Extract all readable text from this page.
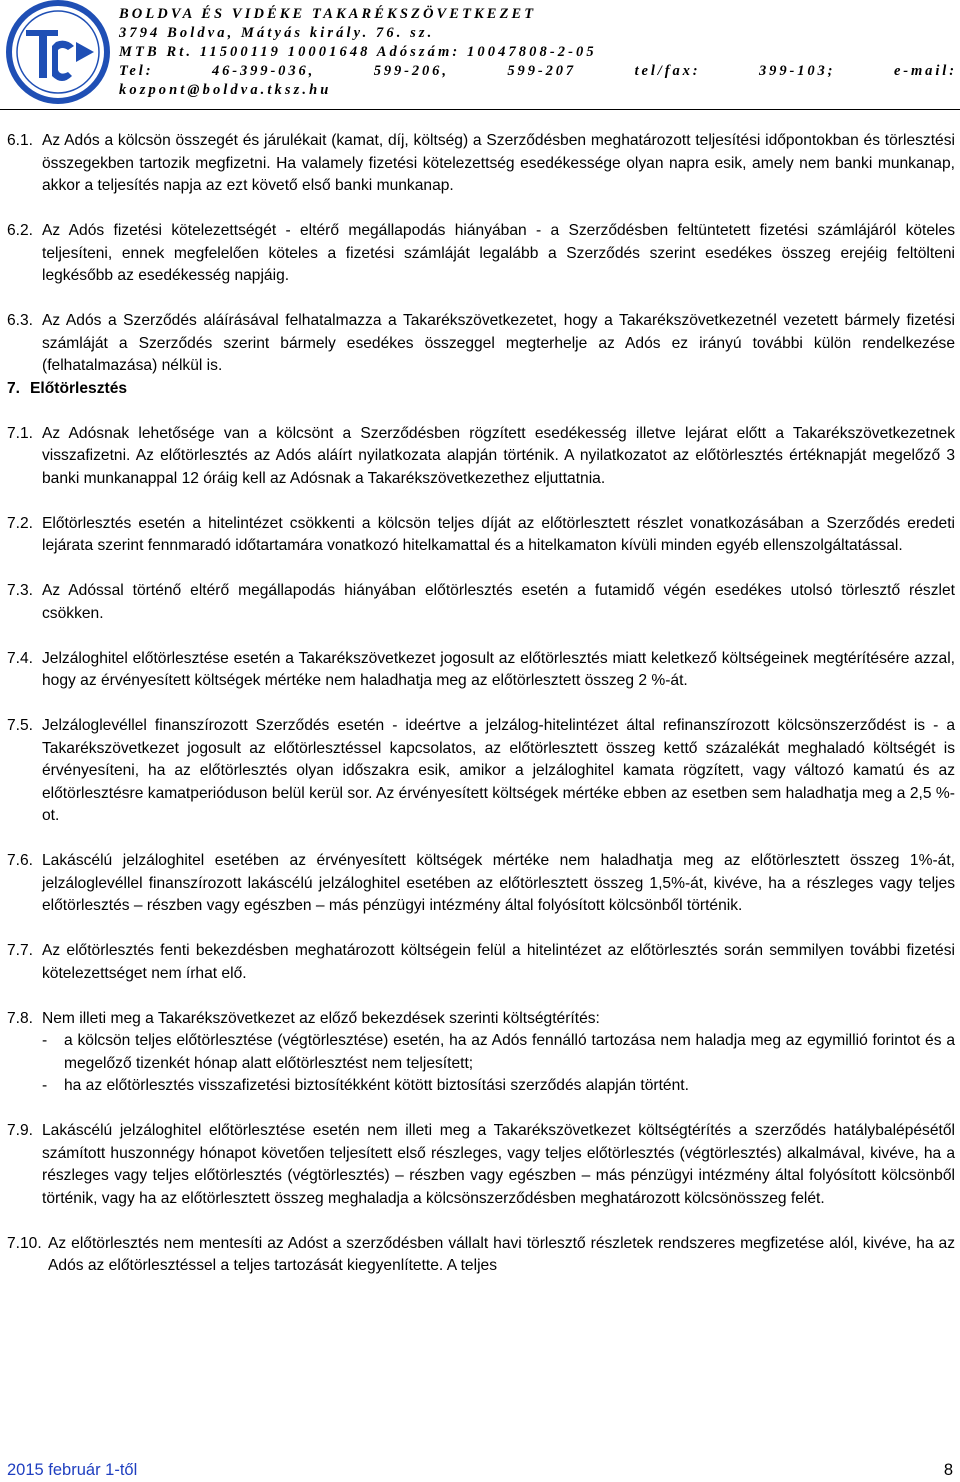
BOLDVA ÉS VIDÉKE TAKARÉKSZÖVETKEZET
3794 Boldva, Mátyás király. 76. sz.
MTB Rt. 11500119 10001648 Adószám: 10047808-2-05
Tel:	46-399-036,	599-206,	599-207	tel/fax:	399-103;	e-mail:
kozpont@boldva.tksz.hu
6.1. Az Adós a kölcsön összegét és járulékait (kamat, díj, költség) a Szerződésben meghatározott teljesítési időpontokban és törlesztési összegekben tartozik megfizetni. Ha valamely fizetési kötelezettség esedékessége olyan napra esik, amely nem banki munkanap, akkor a teljesítés napja az ezt követő első banki munkanap.
6.2. Az Adós fizetési kötelezettségét - eltérő megállapodás hiányában - a Szerződésben feltüntetett fizetési számlájáról köteles teljesíteni, ennek megfelelően köteles a fizetési számláját legalább a Szerződés szerint esedékes összeg erejéig feltölteni legkésőbb az esedékesség napjáig.
6.3. Az Adós a Szerződés aláírásával felhatalmazza a Takarékszövetkezetet, hogy a Takarékszövetkezetnél vezetett bármely fizetési számláját a Szerződés szerint bármely esedékes összeggel megterhelje az Adós ez irányú további külön rendelkezése (felhatalmazása) nélkül is.
7. Előtörlesztés
7.1. Az Adósnak lehetősége van a kölcsönt a Szerződésben rögzített esedékesség illetve lejárat előtt a Takarékszövetkezetnek visszafizetni. Az előtörlesztés az Adós aláírt nyilatkozata alapján történik. A nyilatkozatot az előtörlesztés értéknapját megelőző 3 banki munkanappal 12 óráig kell az Adósnak a Takarékszövetkezethez eljuttatnia.
7.2. Előtörlesztés esetén a hitelintézet csökkenti a kölcsön teljes díját az előtörlesztett részlet vonatkozásában a Szerződés eredeti lejárata szerint fennmaradó időtartamára vonatkozó hitelkamattal és a hitelkamaton kívüli minden egyéb ellenszolgáltatással.
7.3. Az Adóssal történő eltérő megállapodás hiányában előtörlesztés esetén a futamidő végén esedékes utolsó törlesztő részlet csökken.
7.4. Jelzáloghitel előtörlesztése esetén a Takarékszövetkezet jogosult az előtörlesztés miatt keletkező költségeinek megtérítésére azzal, hogy az érvényesített költségek mértéke nem haladhatja meg az előtörlesztett összeg 2 %-át.
7.5. Jelzáloglevéllel finanszírozott Szerződés esetén - ideértve a jelzálog-hitelintézet által refinanszírozott kölcsönszerződést is - a Takarékszövetkezet jogosult az előtörlesztéssel kapcsolatos, az előtörlesztett összeg kettő százalékát meghaladó költségét is érvényesíteni, ha az előtörlesztés olyan időszakra esik, amikor a jelzáloghitel kamata rögzített, vagy változó kamatú és az előtörlesztésre kamatperióduson belül kerül sor. Az érvényesített költségek mértéke ebben az esetben sem haladhatja meg a 2,5 %-ot.
7.6. Lakáscélú jelzáloghitel esetében az érvényesített költségek mértéke nem haladhatja meg az előtörlesztett összeg 1%-át, jelzáloglevéllel finanszírozott lakáscélú jelzáloghitel esetében az előtörlesztett összeg 1,5%-át, kivéve, ha a részleges vagy teljes előtörlesztés – részben vagy egészben – más pénzügyi intézmény által folyósított kölcsönből történik.
7.7. Az előtörlesztés fenti bekezdésben meghatározott költségein felül a hitelintézet az előtörlesztés során semmilyen további fizetési kötelezettséget nem írhat elő.
7.8. Nem illeti meg a Takarékszövetkezet az előző bekezdések szerinti költségtérítés:
-	a kölcsön teljes előtörlesztése (végtörlesztése) esetén, ha az Adós fennálló tartozása nem haladja meg az egymillió forintot és a megelőző tizenkét hónap alatt előtörlesztést nem teljesített;
-	ha az előtörlesztés visszafizetési biztosítékként kötött biztosítási szerződés alapján történt.
7.9. Lakáscélú jelzáloghitel előtörlesztése esetén nem illeti meg a Takarékszövetkezet költségtérítés a szerződés hatálybalépésétől számított huszonnégy hónapot követően teljesített első részleges, vagy teljes előtörlesztés (végtörlesztés) alkalmával, kivéve, ha a részleges vagy teljes előtörlesztés (végtörlesztés) – részben vagy egészben – más pénzügyi intézmény által folyósított kölcsönből történik, vagy ha az előtörlesztett összeg meghaladja a kölcsönszerződésben meghatározott kölcsönösszeg felét.
7.10. Az előtörlesztés nem mentesíti az Adóst a szerződésben vállalt havi törlesztő részletek rendszeres megfizetése alól, kivéve, ha az Adós az előtörlesztéssel a teljes tartozását kiegyenlítette. A teljes
2015 február 1-től	8
